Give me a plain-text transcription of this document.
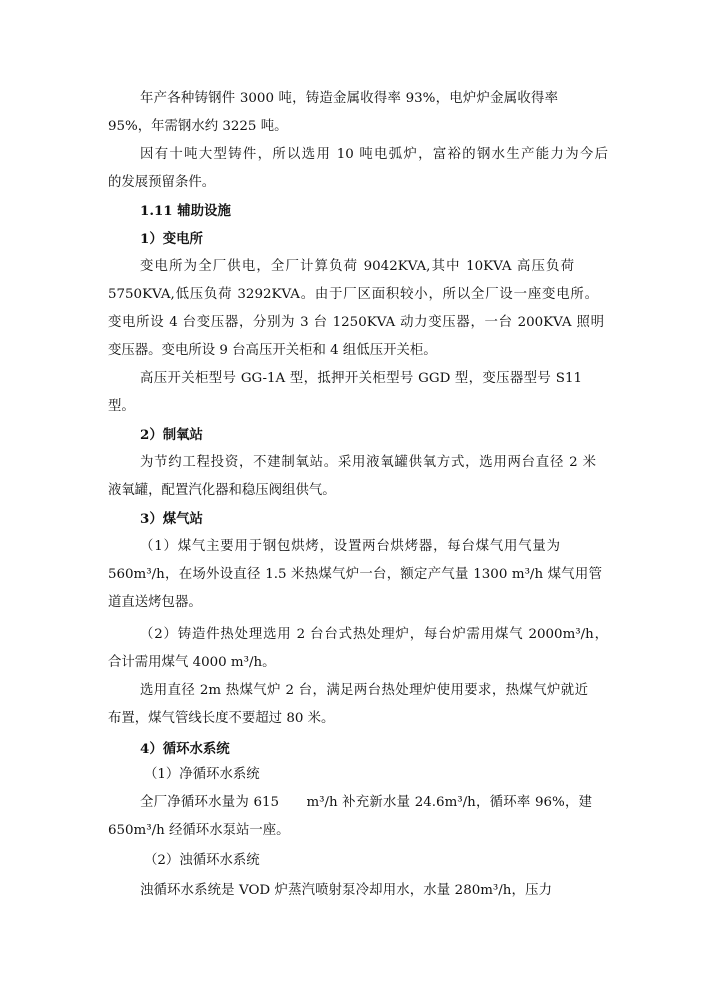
年产各种铸钢件 3000 吨，铸造金属收得率 93%，电炉炉金属收得率
95%，年需钢水约 3225 吨。
因有十吨大型铸件，所以选用 10 吨电弧炉，富裕的钢水生产能力为今后
的发展预留条件。
1.11 辅助设施
1）变电所
变电所为全厂供电，全厂计算负荷 9042KVA,其中 10KVA 高压负荷
5750KVA,低压负荷 3292KVA。由于厂区面积较小，所以全厂设一座变电所。
变电所设 4 台变压器，分别为 3 台 1250KVA 动力变压器，一台 200KVA 照明
变压器。变电所设 9 台高压开关柜和 4 组低压开关柜。
高压开关柜型号 GG-1A 型，抵押开关柜型号 GGD 型，变压器型号 S11
型。
2）制氧站
为节约工程投资，不建制氧站。采用液氧罐供氧方式，选用两台直径 2 米
液氧罐，配置汽化器和稳压阀组供气。
3）煤气站
（1）煤气主要用于钢包烘烤，设置两台烘烤器，每台煤气用气量为
560m³/h，在场外设直径 1.5 米热煤气炉一台，额定产气量 1300 m³/h 煤气用管
道直送烤包器。
（2）铸造件热处理选用 2 台台式热处理炉，每台炉需用煤气 2000m³/h，
合计需用煤气 4000 m³/h。
选用直径 2m 热煤气炉 2 台，满足两台热处理炉使用要求，热煤气炉就近
布置，煤气管线长度不要超过 80 米。
4）循环水系统
（1）净循环水系统
全厂净循环水量为 615　　m³/h 补充新水量 24.6m³/h，循环率 96%，建
650m³/h 经循环水泵站一座。
（2）浊循环水系统
浊循环水系统是 VOD 炉蒸汽喷射泵冷却用水，水量 280m³/h，压力
